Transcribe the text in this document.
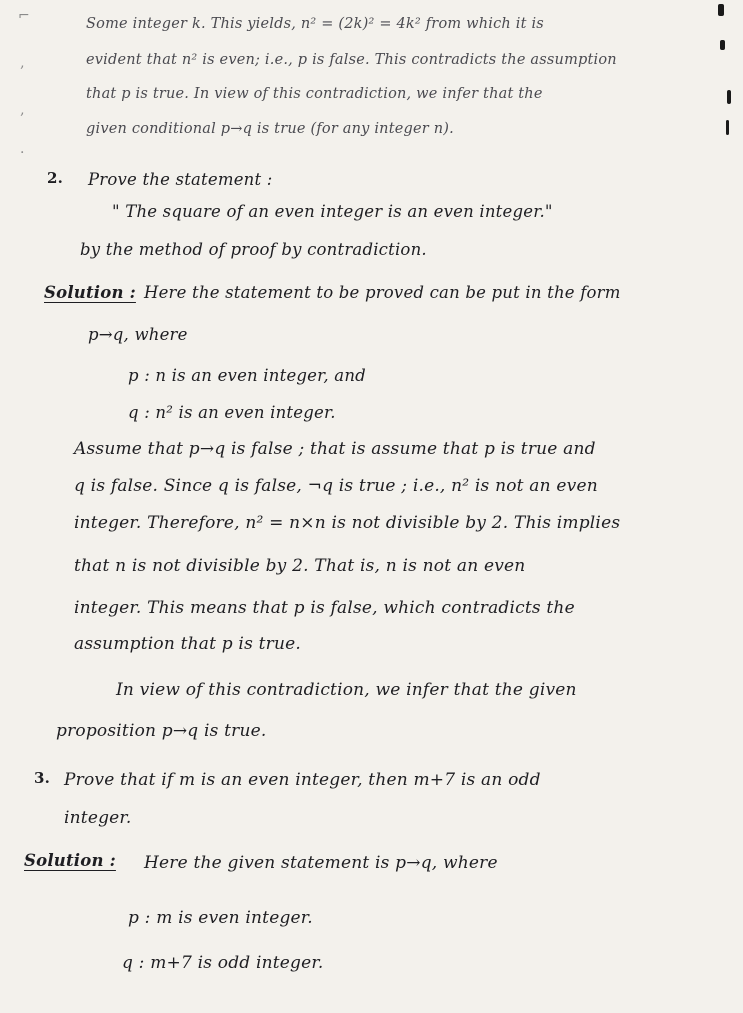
⌐
‚
‚
·
Some integer k. This yields, n² = (2k)² = 4k² from which it is
evident that n² is even; i.e., p is false. This contradicts the assumption
that p is true. In view of this contradiction, we infer that the
given conditional p→q is true (for any integer n).
2. Prove the statement :
" The square of an even integer is an even integer."
by the method of proof by contradiction.
Solution : Here the statement to be proved can be put in the form
p→q, where
p : n is an even integer, and
q : n² is an even integer.
Assume that p→q is false ; that is assume that p is true and
q is false. Since q is false, ¬q is true ; i.e., n² is not an even
integer. Therefore, n² = n×n is not divisible by 2. This implies
that n is not divisible by 2. That is, n is not an even
integer. This means that p is false, which contradicts the
assumption that p is true.
In view of this contradiction, we infer that the given
proposition p→q is true.
3. Prove that if m is an even integer, then m+7 is an odd
integer.
Solution : Here the given statement is p→q, where
p : m is even integer.
q : m+7 is odd integer.
